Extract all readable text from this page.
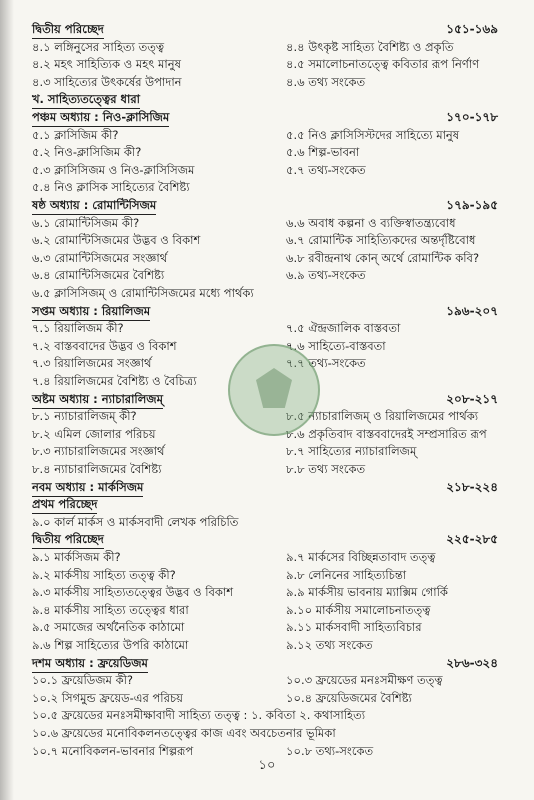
দ্বিতীয় পরিচ্ছেদ	১৫১-১৬৯
৪.১ লঙ্গিনুসের সাহিত্য তত্ত্ব	৪.৪ উৎকৃষ্ট সাহিত্য বৈশিষ্ট্য ও প্রকৃতি
৪.২ মহৎ সাহিত্যিক ও মহৎ মানুষ	৪.৫ সমালোচনাতত্ত্বে কবিতার রূপ নির্ণাণ
৪.৩ সাহিত্যের উৎকর্ষের উপাদান	৪.৬ তথ্য সংকেত
খ. সাহিত্যতত্ত্বের ধারা
পঞ্চম অধ্যায় : নিও-ক্লাসিজিম	১৭০-১৭৮
৫.১ ক্লাসিজিম কী?	৫.৫ নিও ক্লাসিসিস্টদের সাহিত্যে মানুষ
৫.২ নিও-ক্লাসিজিম কী?	৫.৬ শিল্প-ভাবনা
৫.৩ ক্লাসিসিজম ও নিও-ক্লাসিসিজম	৫.৭ তথ্য-সংকেত
৫.৪ নিও ক্লাসিক সাহিত্যের বৈশিষ্ট্য
ষষ্ঠ অধ্যায় : রোমান্টিসিজম	১৭৯-১৯৫
৬.১ রোমান্টিসিজম কী?	৬.৬ অবাধ কল্পনা ও ব্যক্তিস্বাতন্ত্র্যবোধ
৬.২ রোমান্টিসিজমের উদ্ভব ও বিকাশ	৬.৭ রোমান্টিক সাহিত্যিকদের অন্তর্দৃষ্টিবোধ
৬.৩ রোমান্টিসিজমের সংজ্ঞার্থ	৬.৮ রবীন্দ্রনাথ কোন্ অর্থে রোমান্টিক কবি?
৬.৪ রোমান্টিসিজমের বৈশিষ্ট্য	৬.৯ তথ্য-সংকেত
৬.৫ ক্লাসিসিজম্ ও রোমান্টিসিজমের মধ্যে পার্থক্য
সপ্তম অধ্যায় : রিয়ালিজম	১৯৬-২০৭
৭.১ রিয়ালিজম কী?	৭.৫ ঐন্দ্রজালিক বাস্তবতা
৭.২ বাস্তববাদের উদ্ভব ও বিকাশ	৭.৬ সাহিত্যে-বাস্তবতা
৭.৩ রিয়ালিজমের সংজ্ঞার্থ	৭.৭ তথ্য-সংকেত
৭.৪ রিয়ালিজমের বৈশিষ্ট্য ও বৈচিত্র্য
অষ্টম অধ্যায় : ন্যাচারালিজম্	২০৮-২১৭
৮.১ ন্যাচারালিজম্ কী?	৮.৫ ন্যাচারালিজম্ ও রিয়ালিজমের পার্থক্য
৮.২ এমিল জোলার পরিচয়	৮.৬ প্রকৃতিবাদ বাস্তববাদেরই সম্প্রসারিত রূপ
৮.৩ ন্যাচারালিজমের সংজ্ঞার্থ	৮.৭ সাহিত্যের ন্যাচারালিজম্
৮.৪ ন্যাচারালিজমের বৈশিষ্ট্য	৮.৮ তথ্য সংকেত
নবম অধ্যায় : মার্কসিজম	২১৮-২২৪
প্রথম পরিচ্ছেদ
৯.০ কার্ল মার্কস ও মার্কসবাদী লেখক পরিচিতি
দ্বিতীয় পরিচ্ছেদ	২২৫-২৮৫
৯.১ মার্কসিজম কী?	৯.৭ মার্কসের বিচ্ছিন্নতাবাদ তত্ত্ব
৯.২ মার্কসীয় সাহিত্য তত্ত্ব কী?	৯.৮ লেনিনের সাহিত্যচিন্তা
৯.৩ মার্কসীয় সাহিত্যতত্ত্বের উদ্ভব ও বিকাশ	৯.৯ মার্কসীয় ভাবনায় ম্যাক্সিম গোর্কি
৯.৪ মার্কসীয় সাহিত্য তত্ত্বের ধারা	৯.১০ মার্কসীয় সমালোচনাতত্ত্ব
৯.৫ সমাজের অর্থনৈতিক কাঠামো	৯.১১ মার্কসবাদী সাহিত্যবিচার
৯.৬ শিল্প সাহিত্যের উপরি কাঠামো	৯.১২ তথ্য সংকেত
দশম অধ্যায় : ফ্রয়েডিজম	২৮৬-৩২৪
১০.১ ফ্রয়েডিজম কী?	১০.৩ ফ্রয়েডের মনঃসমীক্ষণ তত্ত্ব
১০.২ সিগমুন্ড ফ্রয়েড-এর পরিচয়	১০.৪ ফ্রয়েডিজমের বৈশিষ্ট্য
১০.৫ ফ্রয়েডের মনঃসমীক্ষাবাদী সাহিত্য তত্ত্ব : ১. কবিতা ২. কথাসাহিত্য
১০.৬ ফ্রয়েডের মনোবিকলনতত্ত্বের কাজ এবং অবচেতনার ভূমিকা
১০.৭ মনোবিকলন-ভাবনার শিল্পরূপ	১০.৮ তথ্য-সংকেত
১০
